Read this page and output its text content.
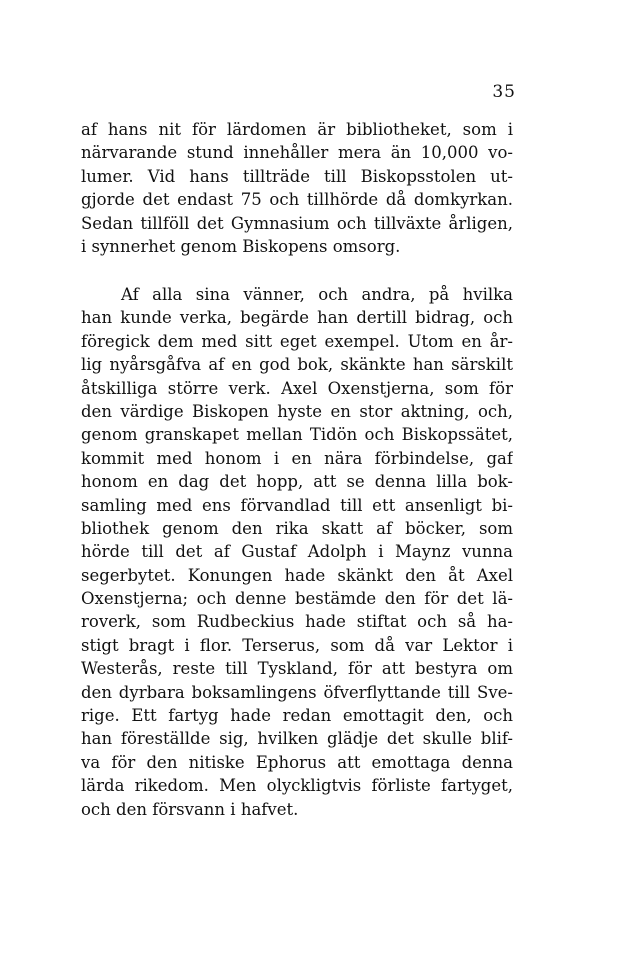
35
af hans nit för lärdomen är bibliotheket, som i
närvarande stund innehåller mera än 10,000 vo-
lumer. Vid hans tillträde till Biskopsstolen ut-
gjorde det endast 75 och tillhörde då domkyrkan.
Sedan tillföll det Gymnasium och tillväxte årligen,
i synnerhet genom Biskopens omsorg.
Af alla sina vänner, och andra, på hvilka
han kunde verka, begärde han dertill bidrag, och
föregick dem med sitt eget exempel. Utom en år-
lig nyårsgåfva af en god bok, skänkte han särskilt
åtskilliga större verk. Axel Oxenstjerna, som för
den värdige Biskopen hyste en stor aktning, och,
genom granskapet mellan Tidön och Biskopssätet,
kommit med honom i en nära förbindelse, gaf
honom en dag det hopp, att se denna lilla bok-
samling med ens förvandlad till ett ansenligt bi-
bliothek genom den rika skatt af böcker, som
hörde till det af Gustaf Adolph i Maynz vunna
segerbytet. Konungen hade skänkt den åt Axel
Oxenstjerna; och denne bestämde den för det lä-
roverk, som Rudbeckius hade stiftat och så ha-
stigt bragt i flor. Terserus, som då var Lektor i
Westerås, reste till Tyskland, för att bestyra om
den dyrbara boksamlingens öfverflyttande till Sve-
rige. Ett fartyg hade redan emottagit den, och
han föreställde sig, hvilken glädje det skulle blif-
va för den nitiske Ephorus att emottaga denna
lärda rikedom. Men olyckligtvis förliste fartyget,
och den försvann i hafvet.
